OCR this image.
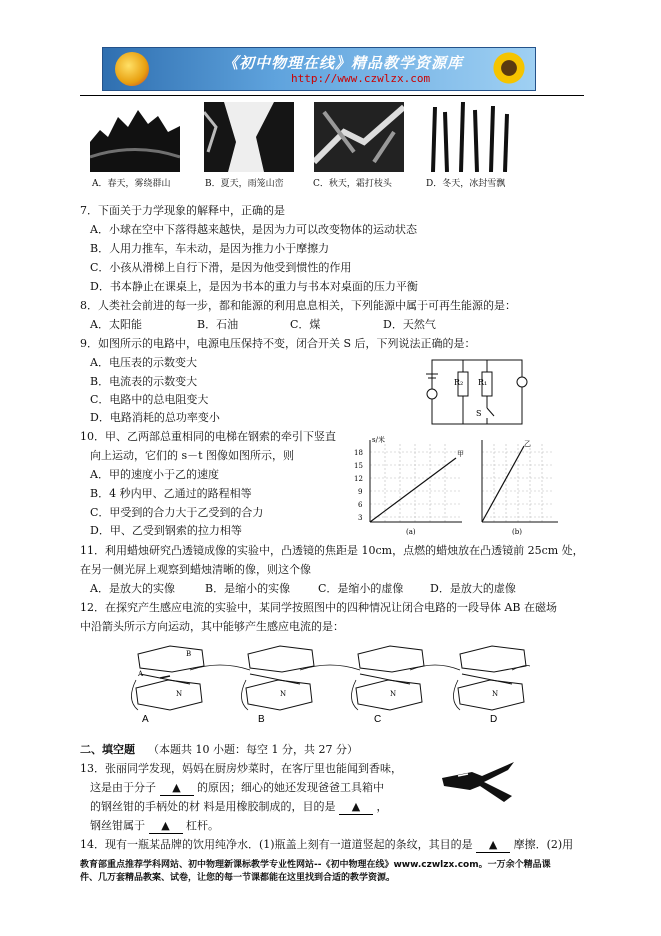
《初中物理在线》精品教学资源库
http://www.czwlzx.com
A．春天，雾绕群山	B．夏天，雨笼山峦	C．秋天，霜打枝头	D．冬天，冰封雪飘
7．下面关于力学现象的解释中，正确的是
A．小球在空中下落得越来越快，是因为力可以改变物体的运动状态
B．人用力推车，车未动，是因为推力小于摩擦力
C．小孩从滑梯上自行下滑，是因为他受到惯性的作用
D．书本静止在课桌上，是因为书本的重力与书本对桌面的压力平衡
8．人类社会前进的每一步，都和能源的利用息息相关，下列能源中属于可再生能源的是：
A．太阳能	B．石油	C．煤	D．天然气
9．如图所示的电路中，电源电压保持不变，闭合开关 S 后，下列说法正确的是：
A．电压表的示数变大
B．电流表的示数变大
C．电路中的总电阻变大
D．电路消耗的总功率变小
R₂ R₁
S
10．甲、乙两部总重相同的电梯在钢索的牵引下竖直
向上运动，它们的 s－t 图像如图所示，则
A．甲的速度小于乙的速度
B．4 秒内甲、乙通过的路程相等
C．甲受到的合力大于乙受到的合力
D．甲、乙受到钢索的拉力相等
s/米
18
15
12
9
6
3
甲
乙
(a)	(b)
11．利用蜡烛研究凸透镜成像的实验中，凸透镜的焦距是 10cm，点燃的蜡烛放在凸透镜前 25cm 处，
在另一侧光屏上观察到蜡烛清晰的像，则这个像
A．是放大的实像	B．是缩小的实像	C．是缩小的虚像 D．是放大的虚像
12．在探究产生感应电流的实验中，某同学按照图中的四种情况让闭合电路的一段导体 AB 在磁场
中沿箭头所示方向运动，其中能够产生感应电流的是：
B
A
N	N	N	N
A	B	C	D
二、填空题 （本题共 10 小题：每空 1 分，共 27 分）
13．张丽同学发现，妈妈在厨房炒菜时，在客厅里也能闻到香味，
这是由于分子 ▲ 的原因；细心的她还发现爸爸工具箱中
的钢丝钳的手柄处的材 料是用橡胶制成的，目的是 ▲ ，
钢丝钳属于 ▲ 杠杆。
14．现有一瓶某品牌的饮用纯净水．(1)瓶盖上刻有一道道竖起的条纹，其目的是 ▲ 摩擦．(2)用
教育部重点推荐学科网站、初中物理新课标教学专业性网站--《初中物理在线》www.czwlzx.com。一万余个精品课
件、几万套精品教案、试卷，让您的每一节课都能在这里找到合适的教学资源。
